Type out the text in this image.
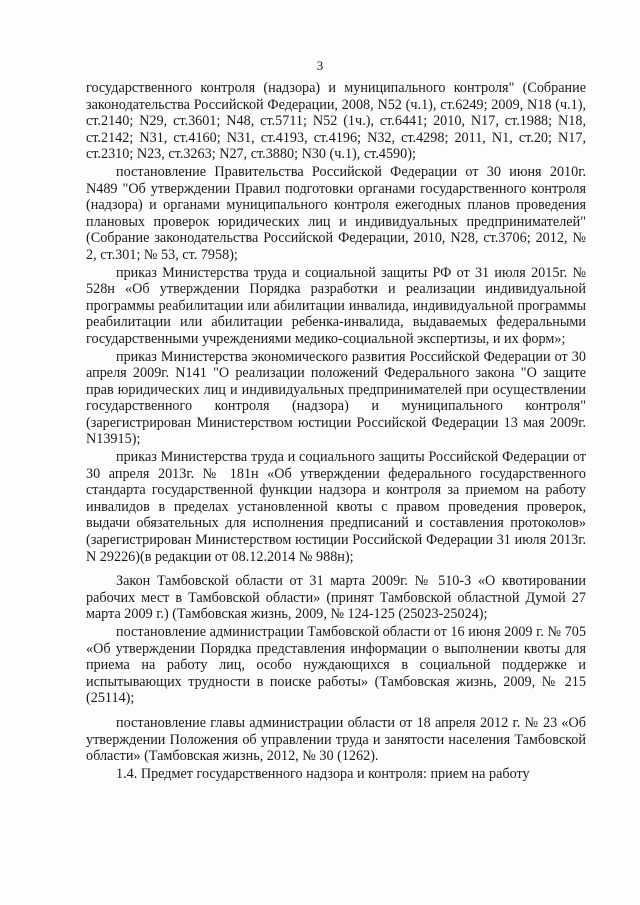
3

государственного контроля (надзора) и муниципального контроля" (Собрание законодательства Российской Федерации, 2008, N52 (ч.1), ст.6249; 2009, N18 (ч.1), ст.2140; N29, ст.3601; N48, ст.5711; N52 (1ч.), ст.6441; 2010, N17, ст.1988; N18, ст.2142; N31, ст.4160; N31, ст.4193, ст.4196; N32, ст.4298; 2011, N1, ст.20; N17, ст.2310; N23, ст.3263; N27, ст.3880; N30 (ч.1), ст.4590);

постановление Правительства Российской Федерации от 30 июня 2010г. N489 "Об утверждении Правил подготовки органами государственного контроля (надзора) и органами муниципального контроля ежегодных планов проведения плановых проверок юридических лиц и индивидуальных предпринимателей" (Собрание законодательства Российской Федерации, 2010, N28, ст.3706; 2012, № 2, ст.301; № 53, ст. 7958);

приказ Министерства труда и социальной защиты РФ от 31 июля 2015г. № 528н «Об утверждении Порядка разработки и реализации индивидуальной программы реабилитации или абилитации инвалида, индивидуальной программы реабилитации или абилитации ребенка-инвалида, выдаваемых федеральными государственными учреждениями медико-социальной экспертизы, и их форм»;

приказ Министерства экономического развития Российской Федерации от 30 апреля 2009г. N141 "О реализации положений Федерального закона "О защите прав юридических лиц и индивидуальных предпринимателей при осуществлении государственного контроля (надзора) и муниципального контроля" (зарегистрирован Министерством юстиции Российской Федерации 13 мая 2009г. N13915);

приказ Министерства труда и социального защиты Российской Федерации от 30 апреля 2013г. № 181н «Об утверждении федерального государственного стандарта государственной функции надзора и контроля за приемом на работу инвалидов в пределах установленной квоты с правом проведения проверок, выдачи обязательных для исполнения предписаний и составления протоколов» (зарегистрирован Министерством юстиции Российской Федерации 31 июля 2013г. N 29226)(в редакции от 08.12.2014 № 988н);

Закон Тамбовской области от 31 марта 2009г. № 510-З «О квотировании рабочих мест в Тамбовской области» (принят Тамбовской областной Думой 27 марта 2009 г.) (Тамбовская жизнь, 2009, № 124-125 (25023-25024);

постановление администрации Тамбовской области от 16 июня 2009 г. № 705 «Об утверждении Порядка представления информации о выполнении квоты для приема на работу лиц, особо нуждающихся в социальной поддержке и испытывающих трудности в поиске работы» (Тамбовская жизнь, 2009, № 215 (25114);

постановление главы администрации области от 18 апреля 2012 г. № 23 «Об утверждении Положения об управлении труда и занятости населения Тамбовской области» (Тамбовская жизнь, 2012, № 30 (1262).

1.4. Предмет государственного надзора и контроля: прием на работу
